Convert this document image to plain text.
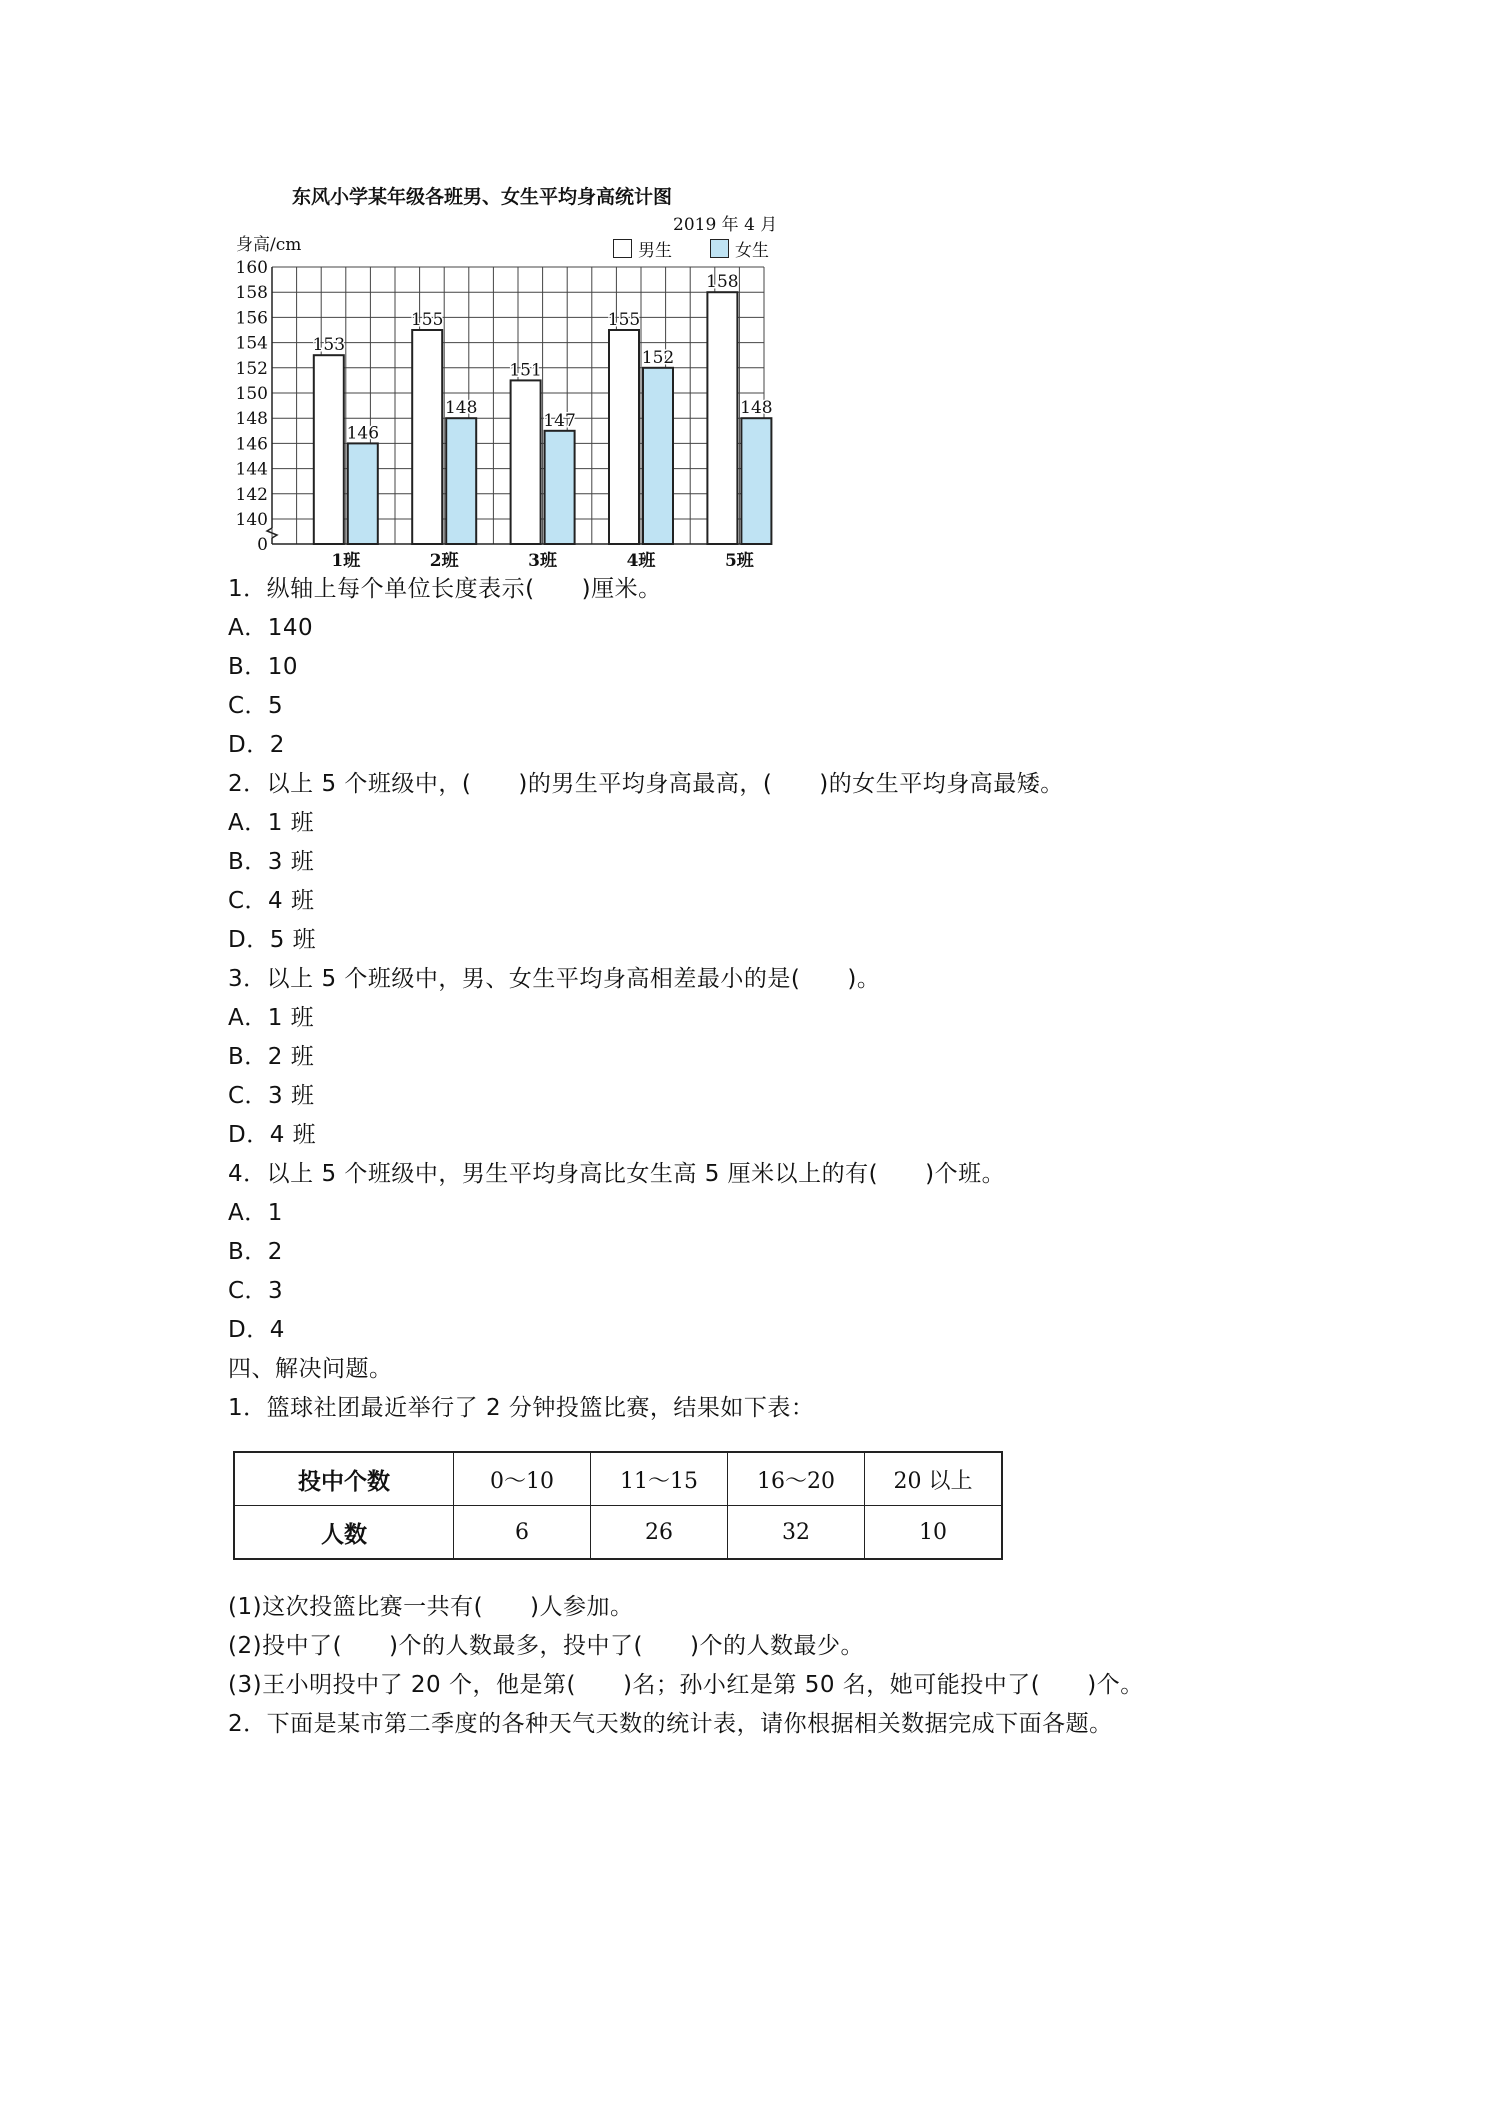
东风小学某年级各班男、女生平均身高统计图
2019 年 4 月
身高/cm	男生	女生
0
140
142
144
146
148
150
152
154
156
158
160
153
146
1班
155
148
2班
151
147
3班
155
152
4班
158
148
5班
1．纵轴上每个单位长度表示(　　)厘米。
A．140
B．10
C．5
D．2
2．以上 5 个班级中，(　　)的男生平均身高最高，(　　)的女生平均身高最矮。
A．1 班
B．3 班
C．4 班
D．5 班
3．以上 5 个班级中，男、女生平均身高相差最小的是(　　)。
A．1 班
B．2 班
C．3 班
D．4 班
4．以上 5 个班级中，男生平均身高比女生高 5 厘米以上的有(　　)个班。
A．1
B．2
C．3
D．4
四、解决问题。
1．篮球社团最近举行了 2 分钟投篮比赛，结果如下表：
投中个数	0～10	11～15	16～20	20 以上
人数	6	26	32	10
(1)这次投篮比赛一共有(　　)人参加。
(2)投中了(　　)个的人数最多，投中了(　　)个的人数最少。
(3)王小明投中了 20 个，他是第(　　)名；孙小红是第 50 名，她可能投中了(　　)个。
2．下面是某市第二季度的各种天气天数的统计表，请你根据相关数据完成下面各题。
